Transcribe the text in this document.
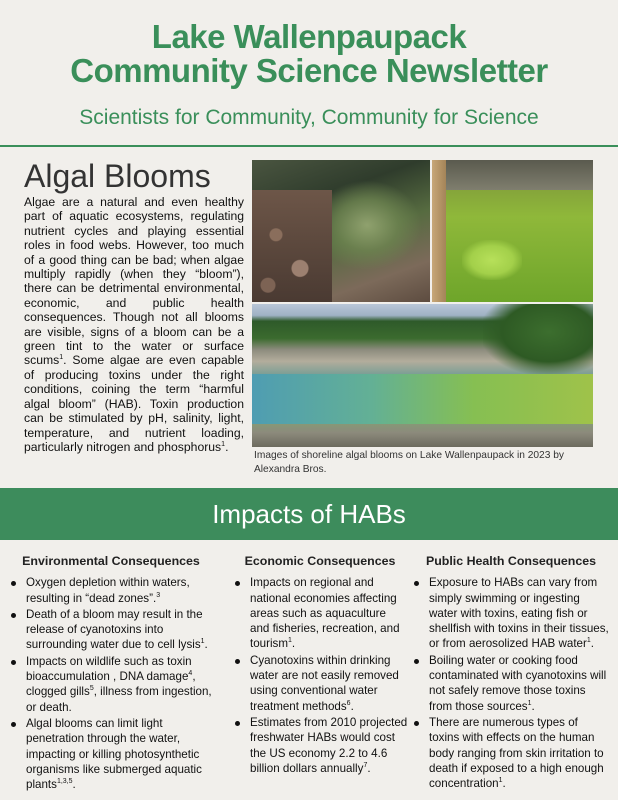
Lake Wallenpaupack
Community Science Newsletter
Scientists for Community, Community for Science
Algal Blooms
Algae are a natural and even healthy part of aquatic ecosystems, regulating nutrient cycles and playing essential roles in food webs. However, too much of a good thing can be bad; when algae multiply rapidly (when they “bloom”), there can be detrimental environmental, economic, and public health consequences. Though not all blooms are visible, signs of a bloom can be a green tint to the water or surface scums$^1$. Some algae are even capable of producing toxins under the right conditions, coining the term “harmful algal bloom” (HAB). Toxin production can be stimulated by pH, salinity, light, temperature, and nutrient loading, particularly nitrogen and phosphorus$^1$.
Images of shoreline algal blooms on Lake Wallenpaupack in 2023 by Alexandra Bros.
Impacts of HABs
Environmental Consequences
Oxygen depletion within waters, resulting in “dead zones”.$^3$
Death of a bloom may result in the release of cyanotoxins into surrounding water due to cell lysis$^1$.
Impacts on wildlife such as toxin bioaccumulation , DNA damage$^4$, clogged gills$^5$, illness from ingestion, or death.
Algal blooms can limit light penetration through the water, impacting or killing photosynthetic organisms like submerged aquatic plants$^{1,3,5}$.
Economic Consequences
Impacts on regional and national economies affecting areas such as aquaculture and fisheries, recreation, and tourism$^1$.
Cyanotoxins within drinking water are not easily removed using conventional water treatment methods$^6$.
Estimates from 2010 projected freshwater HABs would cost the US economy 2.2 to 4.6 billion dollars annually$^7$.
Public Health Consequences
Exposure to HABs can vary from simply swimming or ingesting water with toxins, eating fish or shellfish with toxins in their tissues, or from aerosolized HAB water$^1$.
Boiling water or cooking food contaminated with cyanotoxins will not safely remove those toxins from those sources$^1$.
There are numerous types of toxins with effects on the human body ranging from skin irritation to death if exposed to a high enough concentration$^1$.
